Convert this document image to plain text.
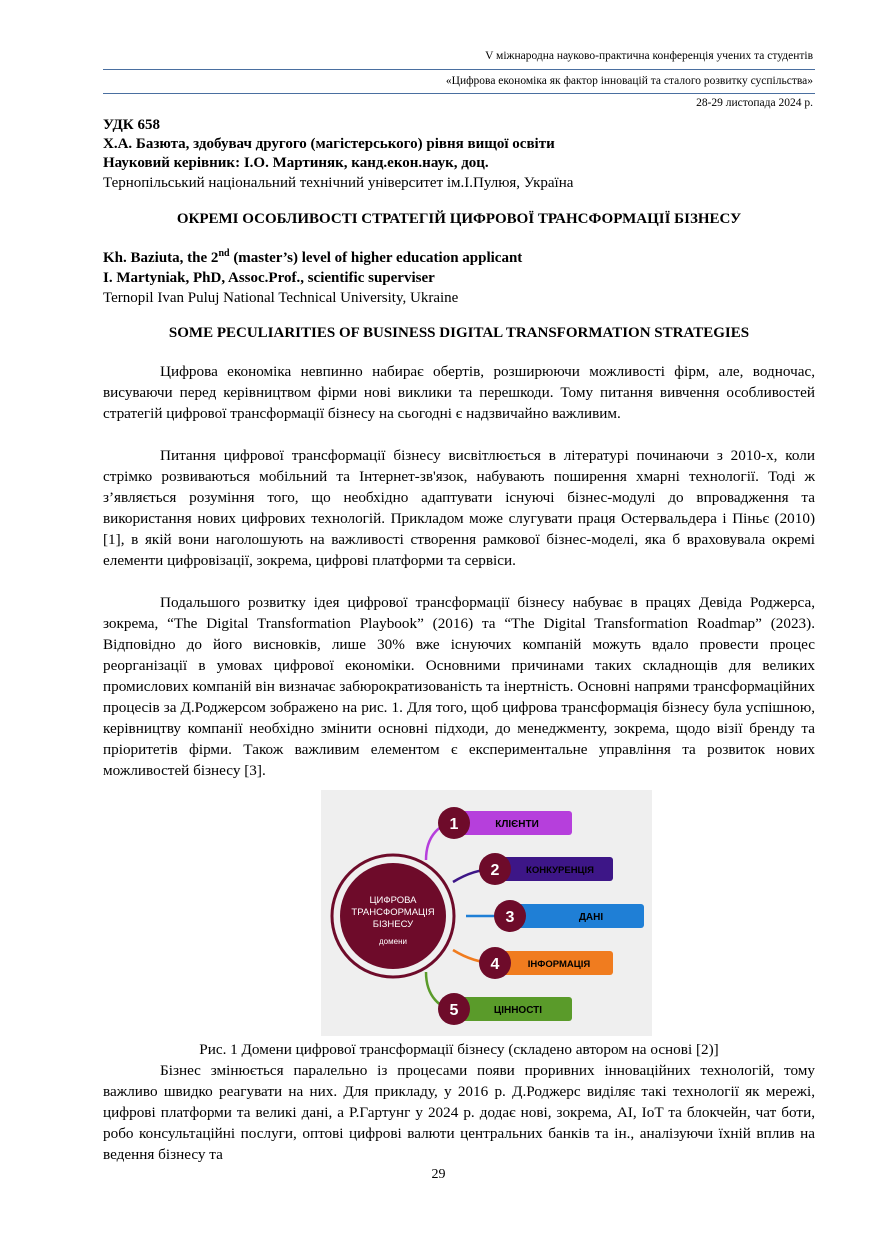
V міжнародна науково-практична конференція учених та студентів
«Цифрова економіка як фактор інновацій та сталого розвитку суспільства»
28-29 листопада 2024 р.
УДК 658
Х.А. Базюта, здобувач другого (магістерського) рівня вищої освіти
Науковий керівник: І.О. Мартиняк, канд.екон.наук, доц.
Тернопільський національний технічний університет ім.І.Пулюя, Україна
ОКРЕМІ ОСОБЛИВОСТІ СТРАТЕГІЙ ЦИФРОВОЇ ТРАНСФОРМАЦІЇ БІЗНЕСУ
Kh. Baziuta, the 2nd (master’s) level of higher education applicant
I. Martyniak, PhD, Assoc.Prof., scientific superviser
Ternopil Ivan Puluj National Technical University, Ukraine
SOME PECULIARITIES OF BUSINESS DIGITAL TRANSFORMATION STRATEGIES

Цифрова економіка невпинно набирає обертів, розширюючи можливості фірм, але, водночас, висуваючи перед керівництвом фірми нові виклики та перешкоди. Тому питання вивчення особливостей стратегій цифрової трансформації бізнесу на сьогодні є надзвичайно важливим.

Питання цифрової трансформації бізнесу висвітлюється в літературі починаючи з 2010-х, коли стрімко розвиваються мобільний та Інтернет-зв'язок, набувають поширення хмарні технології. Тоді ж з’являється розуміння того, що необхідно адаптувати існуючі бізнес-модулі до впровадження та використання нових цифрових технологій. Прикладом може слугувати праця Остервальдера і Піньє (2010) [1], в якій вони наголошують на важливості створення рамкової бізнес-моделі, яка б враховувала окремі елементи цифровізації, зокрема, цифрові платформи та сервіси.

Подальшого розвитку ідея цифрової трансформації бізнесу набуває в працях Девіда Роджерса, зокрема, “The Digital Transformation Playbook” (2016) та “The Digital Transformation Roadmap” (2023). Відповідно до його висновків, лише 30% вже існуючих компаній можуть вдало провести процес реорганізації в умовах цифрової економіки. Основними причинами таких складнощів для великих промислових компаній він визначає забюрократизованість та інертність. Основні напрями трансформаційних процесів за Д.Роджерсом зображено на рис. 1. Для того, щоб цифрова трансформація бізнесу була успішною, керівництву компанії необхідно змінити основні підходи, до менеджменту, зокрема, щодо візії бренду та пріоритетів фірми. Також важливим елементом є експериментальне управління та розвиток нових можливостей бізнесу [3].

ЦИФРОВА
ТРАНСФОРМАЦІЯ
БІЗНЕСУ
домени
1	КЛІЄНТИ
2	КОНКУРЕНЦІЯ
3	ДАНІ
4	ІНФОРМАЦІЯ
5	ЦІННОСТІ
Рис. 1 Домени цифрової трансформації бізнесу (складено автором на основі [2)]

Бізнес змінюється паралельно із процесами появи проривних інноваційних технологій, тому важливо швидко реагувати на них. Для прикладу, у 2016 р. Д.Роджерс виділяє такі технології як мережі, цифрові платформи та великі дані, а Р.Гартунг у 2024 р. додає нові, зокрема, AI, IoT та блокчейн, чат боти, робо консультаційні послуги, оптові цифрові валюти центральних банків та ін., аналізуючи їхній вплив на ведення бізнесу та

29
